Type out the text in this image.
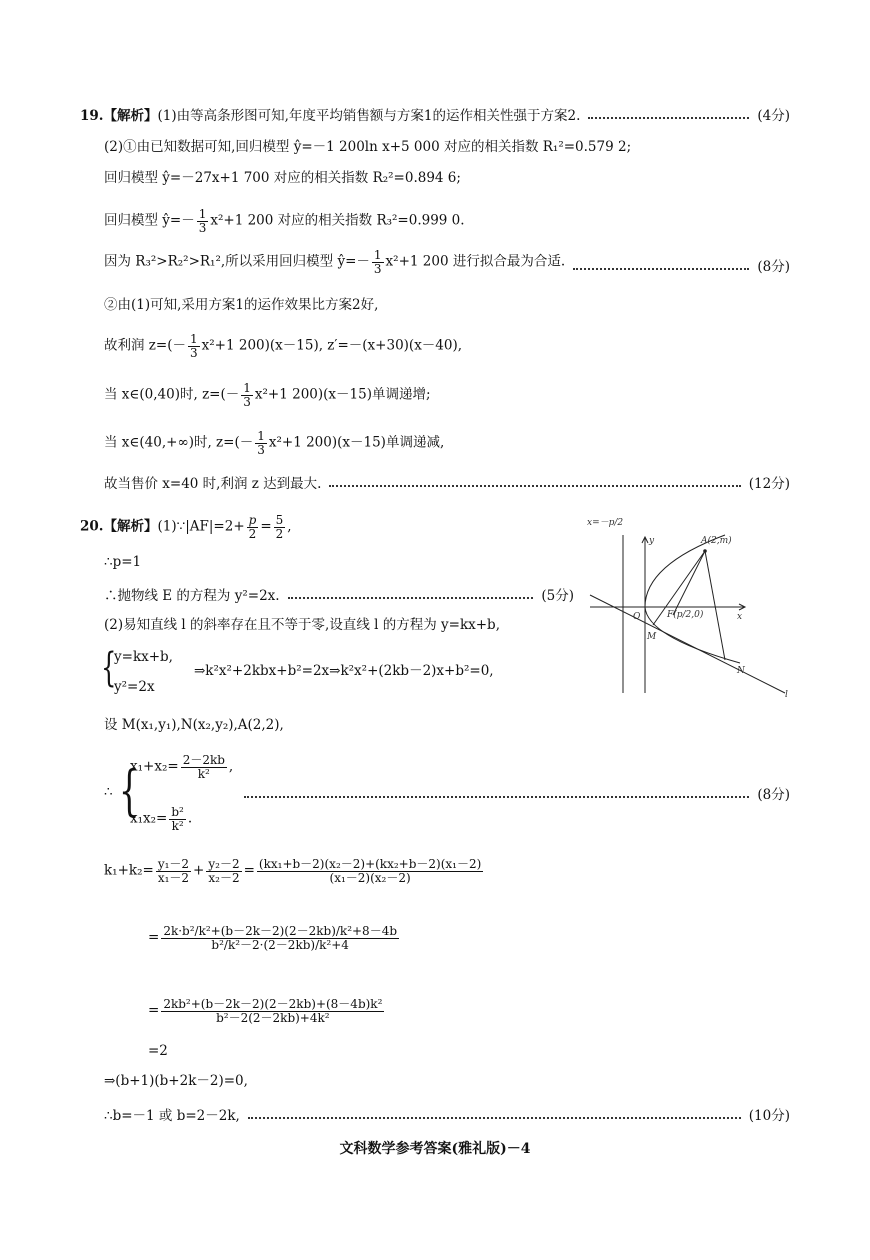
19.【解析】(1)由等高条形图可知,年度平均销售额与方案1的运作相关性强于方案2.	(4分)
(2)①由已知数据可知,回归模型 ŷ=－1 200ln x+5 000 对应的相关指数 R₁²=0.579 2;
回归模型 ŷ=－27x+1 700 对应的相关指数 R₂²=0.894 6;
回归模型 ŷ=－ $\frac{1}{3} x^2+1$ 200 对应的相关指数 R₃²=0.999 0.
因为 R₃²>R₂²>R₁²,所以采用回归模型 ŷ=－ $\frac{1}{3} x^2+1$ 200 进行拟合最为合适.	(8分)
②由(1)可知,采用方案1的运作效果比方案2好,
故利润 $z=(- \frac{1}{3} x^2+1$ 200)(x－15), z′=－(x+30)(x－40),
当 x∈(0,40)时, $z=(- \frac{1}{3} x^2+1$ 200)(x－15)单调递增;
当 x∈(40,+∞)时, $z=(- \frac{1}{3} x^2+1$ 200)(x－15)单调递减,
故当售价 x=40 时,利润 z 达到最大.	(12分)
20.【解析】(1)∵|AF|=2+ $\frac{p}{2} = \frac{5}{2}$ ,
∴p=1
∴抛物线 E 的方程为 y²=2x.	(5分)
(2)易知直线 l 的斜率存在且不等于零,设直线 l 的方程为 y=kx+b,
{
y=kx+b,
y²=2x
⇒k²x²+2kbx+b²=2x⇒k²x²+(2kb－2)x+b²=0,
设 M(x₁,y₁),N(x₂,y₂),A(2,2),
∴ {
$x_1+x_2= \frac{2-2kb}{\text{k²}}$ ,
$x_1x_2= \frac{\text{b²}}{\text{k²}}$ .
(8分)
$k_1+k_2= \frac{\text{y₁－2}}{\text{x₁－2}} + \frac{\text{y₂－2}}{\text{x₂－2}} = \frac{\text{(kx₁+b－2)(x₂－2)+(kx₂+b－2)(x₁－2)}}{\text{(x₁－2)(x₂－2)}}$
= $\frac{\text{2k·b²/k²+(b－2k－2)(2－2kb)/k²+8－4b}}{\text{b²/k²－2·(2－2kb)/k²+4}}$
= $\frac{\text{2kb²+(b－2k－2)(2－2kb)+(8－4b)k²}}{\text{b²－2(2－2kb)+4k²}}$
=2
⇒(b+1)(b+2k－2)=0,
∴b=－1 或 b=2－2k,	(10分)
x=－p/2
y
x
O
A(2,m)
F(p/2,0)
M
N
l
文科数学参考答案(雅礼版)－4
